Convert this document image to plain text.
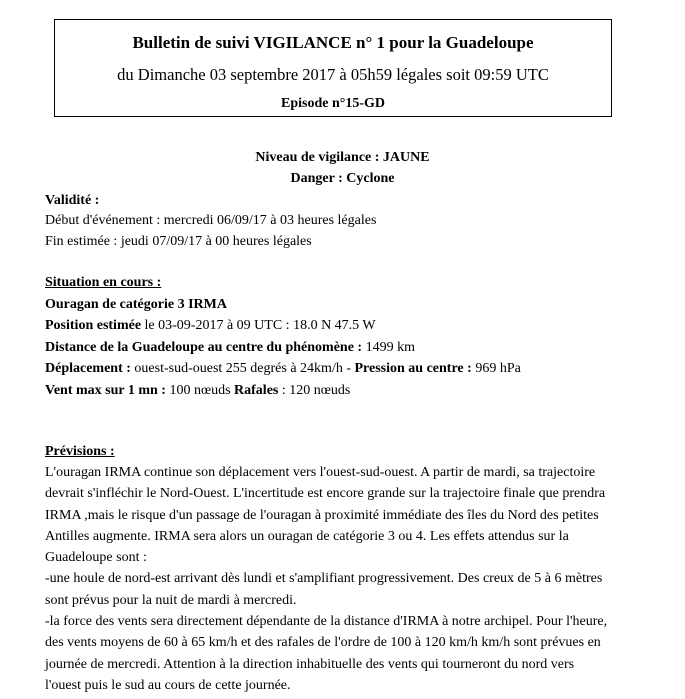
Bulletin de suivi VIGILANCE n° 1 pour la Guadeloupe
du Dimanche 03 septembre 2017 à 05h59 légales soit 09:59 UTC
Episode n°15-GD
Niveau de vigilance : JAUNE
Danger : Cyclone
Validité :
Début d'événement : mercredi 06/09/17 à 03 heures légales
Fin estimée : jeudi 07/09/17 à 00 heures légales
Situation en cours :
Ouragan de catégorie 3 IRMA
Position estimée le 03-09-2017 à 09 UTC : 18.0 N 47.5 W
Distance de la Guadeloupe au centre du phénomène : 1499 km
Déplacement : ouest-sud-ouest 255 degrés à 24km/h - Pression au centre : 969 hPa
Vent max sur 1 mn : 100 nœuds Rafales : 120 nœuds
Prévisions :
L'ouragan IRMA continue son déplacement vers l'ouest-sud-ouest. A partir de mardi, sa trajectoire
devrait s'infléchir le Nord-Ouest. L'incertitude est encore grande sur la trajectoire finale que prendra
IRMA ,mais le risque d'un passage de l'ouragan à proximité immédiate des îles du Nord des petites
Antilles augmente. IRMA sera alors un ouragan de catégorie 3 ou 4. Les effets attendus sur la
Guadeloupe sont :
-une houle de nord-est arrivant dès lundi et s'amplifiant progressivement. Des creux de 5 à 6 mètres
sont prévus pour la nuit de mardi à mercredi.
-la force des vents sera directement dépendante de la distance d'IRMA à notre archipel. Pour l'heure,
des vents moyens de 60 à 65 km/h et des rafales de l'ordre de 100 à 120 km/h km/h sont prévues en
journée de mercredi. Attention à la direction inhabituelle des vents qui tourneront du nord vers
l'ouest puis le sud au cours de cette journée.
